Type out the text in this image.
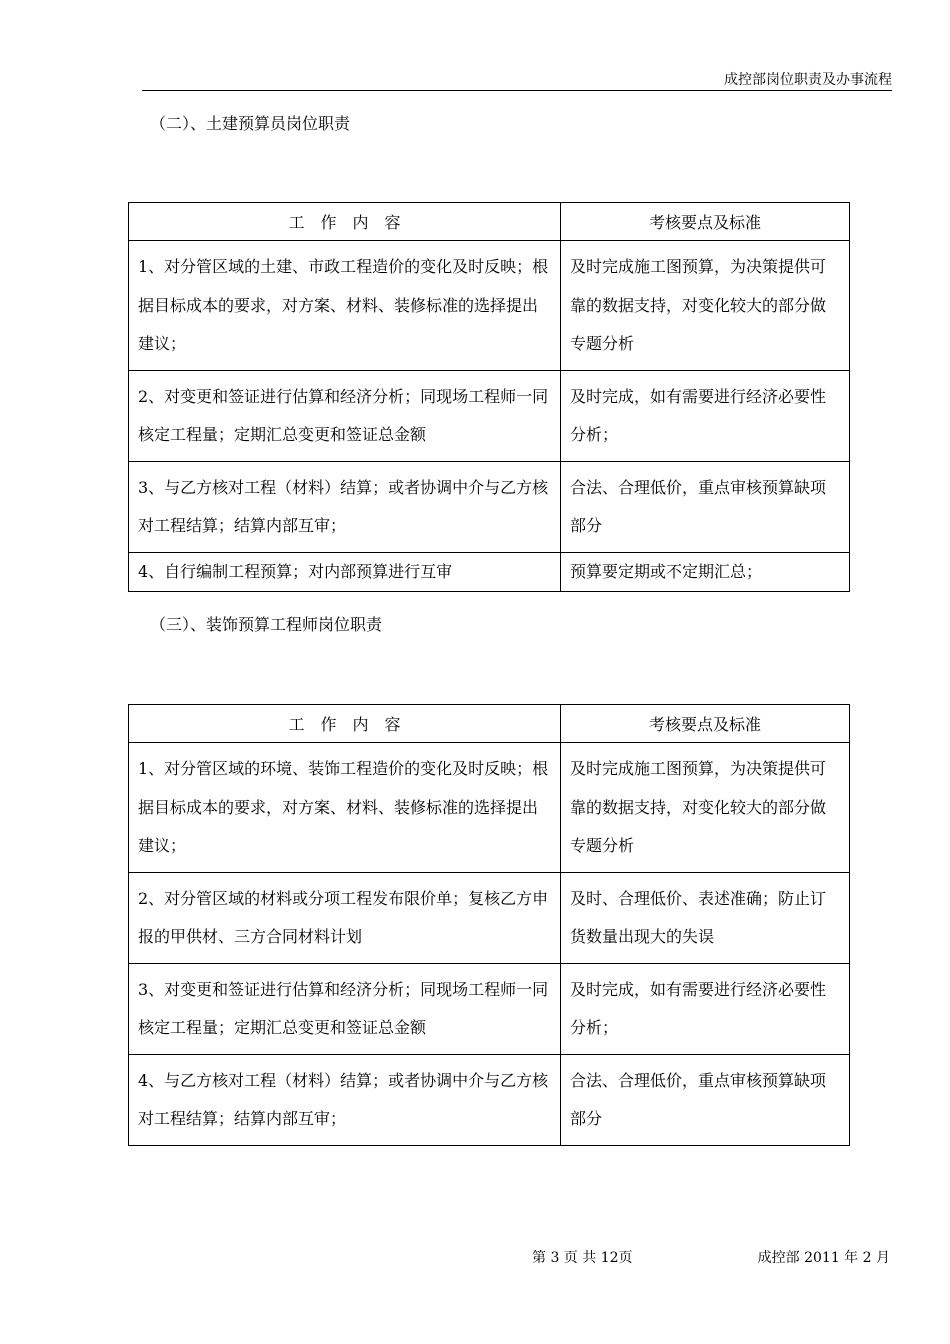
成控部岗位职责及办事流程
（二）、土建预算员岗位职责
工　作　内　容	考核要点及标准
1、对分管区域的土建、市政工程造价的变化及时反映；根据目标成本的要求，对方案、材料、装修标准的选择提出建议；	及时完成施工图预算，为决策提供可靠的数据支持，对变化较大的部分做专题分析
2、对变更和签证进行估算和经济分析；同现场工程师一同核定工程量；定期汇总变更和签证总金额	及时完成，如有需要进行经济必要性分析；
3、与乙方核对工程（材料）结算；或者协调中介与乙方核对工程结算；结算内部互审；	合法、合理低价，重点审核预算缺项部分
4、自行编制工程预算；对内部预算进行互审	预算要定期或不定期汇总；
（三）、装饰预算工程师岗位职责
工　作　内　容	考核要点及标准
1、对分管区域的环境、装饰工程造价的变化及时反映；根据目标成本的要求，对方案、材料、装修标准的选择提出建议；	及时完成施工图预算，为决策提供可靠的数据支持，对变化较大的部分做专题分析
2、对分管区域的材料或分项工程发布限价单；复核乙方申报的甲供材、三方合同材料计划	及时、合理低价、表述准确；防止订货数量出现大的失误
3、对变更和签证进行估算和经济分析；同现场工程师一同核定工程量；定期汇总变更和签证总金额	及时完成，如有需要进行经济必要性分析；
4、与乙方核对工程（材料）结算；或者协调中介与乙方核对工程结算；结算内部互审；	合法、合理低价，重点审核预算缺项部分
第 3 页 共 12页	成控部 2011 年 2 月
